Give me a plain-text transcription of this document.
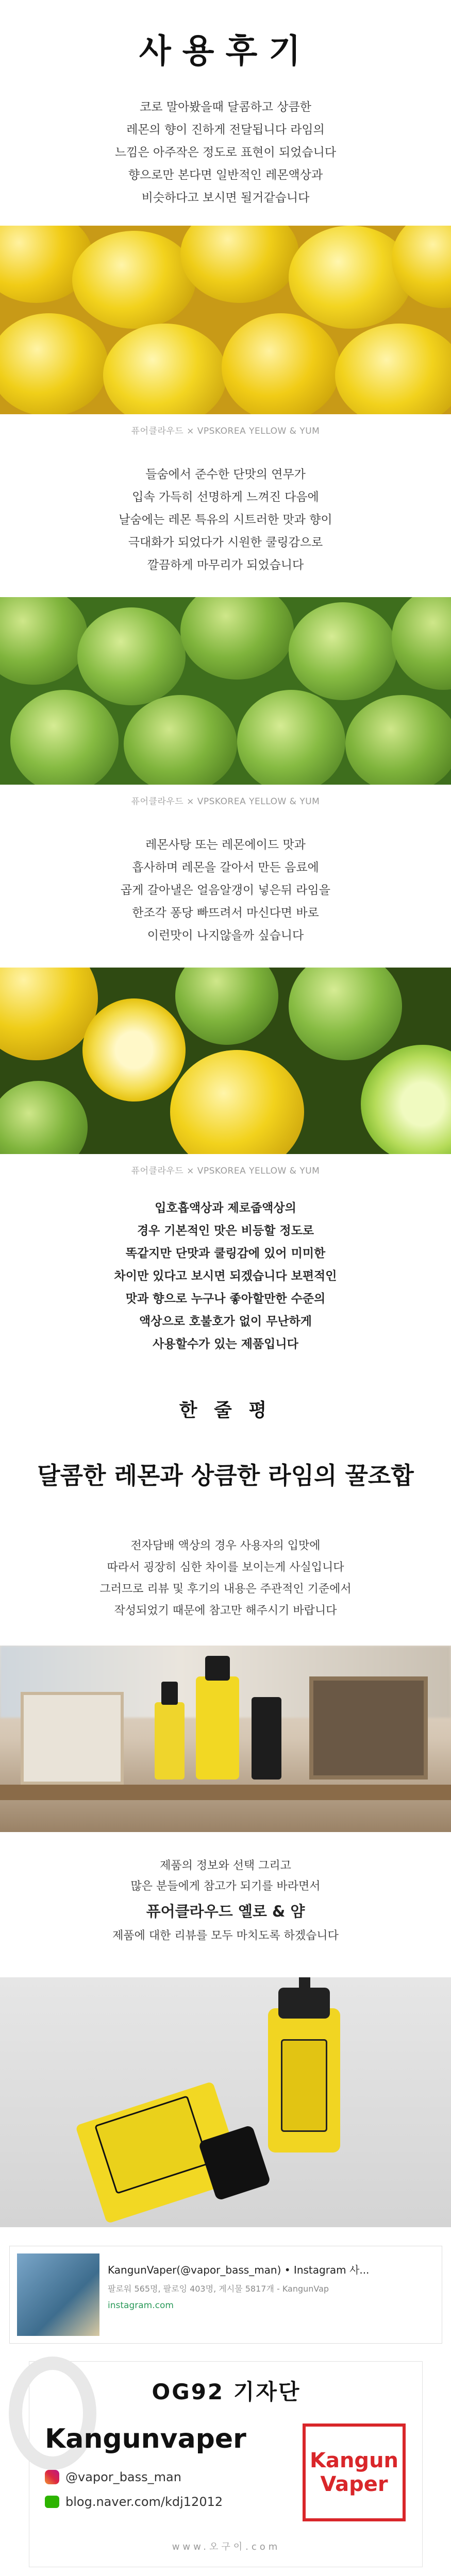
사용후기

코로 말아봤을때 달콤하고 상큼한

레몬의 향이 진하게 전달됩니다 라임의

느낌은 아주작은 정도로 표현이 되었습니다

향으로만 본다면 일반적인 레몬액상과

비슷하다고 보시면 될거같습니다

퓨어클라우드 × VPSKOREA YELLOW & YUM

들숨에서 준수한 단맛의 연무가

입속 가득히 선명하게 느껴진 다음에

날숨에는 레몬 특유의 시트러한 맛과 향이

극대화가 되었다가 시원한 쿨링감으로

깔끔하게 마무리가 되었습니다

퓨어클라우드 × VPSKOREA YELLOW & YUM

레몬사탕 또는 레몬에이드 맛과

흡사하며 레몬을 갈아서 만든 음료에

곱게 갈아낼은 얼음알갱이 넣은뒤 라임을

한조각 퐁당 빠뜨려서 마신다면 바로

이런맛이 나지않을까 싶습니다

퓨어클라우드 × VPSKOREA YELLOW & YUM

입호흡액상과 제로줍액상의

경우 기본적인 맛은 비등할 정도로

똑같지만 단맛과 쿨링감에 있어 미미한

차이만 있다고 보시면 되겠습니다 보편적인

맛과 향으로 누구나 좋아할만한 수준의

액상으로 호불호가 없이 무난하게

사용할수가 있는 제품입니다

한 줄 평
달콤한 레몬과 상큼한 라임의 꿀조합

전자담배 액상의 경우 사용자의 입맛에

따라서 굉장히 심한 차이를 보이는게 사실입니다

그러므로 리뷰 및 후기의 내용은 주관적인 기준에서

작성되었기 때문에 참고만 해주시기 바랍니다

제품의 정보와 선택 그리고

많은 분들에게 참고가 되기를 바라면서

퓨어클라우드 옐로 & 얌

제품에 대한 리뷰를 모두 마치도록 하겠습니다

KangunVaper(@vapor_bass_man) • Instagram 사...
팔로워 565명, 팔로잉 403명, 게시물 5817개 - KangunVap
instagram.com
OG92 기자단
Kangunvaper
@vapor_bass_man
blog.naver.com/kdj12012
Kangun
Vaper
www.오구이.com
